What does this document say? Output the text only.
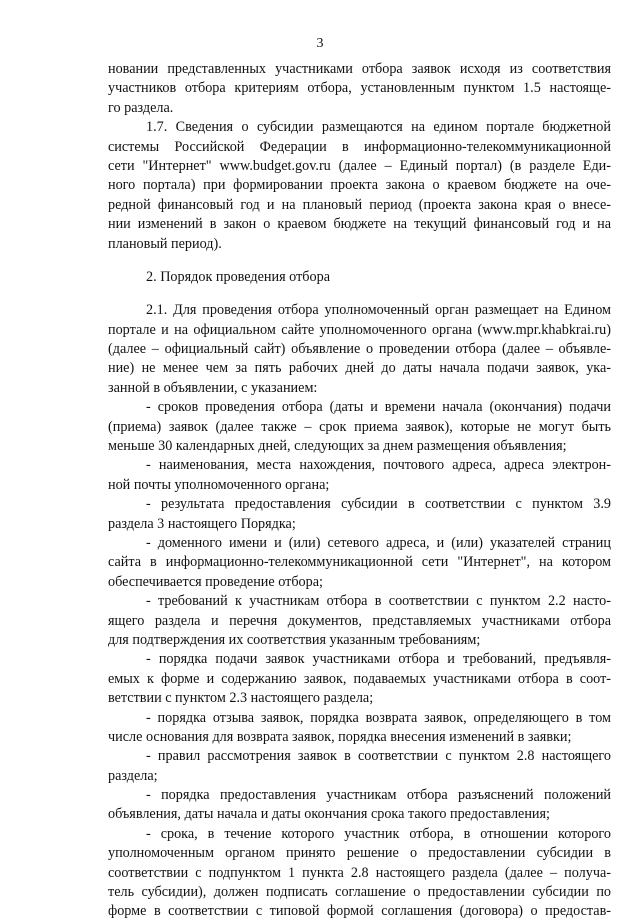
3
новании представленных участниками отбора заявок исходя из соответствия
участников отбора критериям отбора, установленным пунктом 1.5 настояще-
го раздела.
1.7. Сведения о субсидии размещаются на едином портале бюджетной
системы Российской Федерации в информационно-телекоммуникационной
сети "Интернет" www.budget.gov.ru (далее – Единый портал) (в разделе Еди-
ного портала) при формировании проекта закона о краевом бюджете на оче-
редной финансовый год и на плановый период (проекта закона края о внесе-
нии изменений в закон о краевом бюджете на текущий финансовый год и на
плановый период).
2. Порядок проведения отбора
2.1. Для проведения отбора уполномоченный орган размещает на Едином
портале и на официальном сайте уполномоченного органа (www.mpr.khabkrai.ru)
(далее – официальный сайт) объявление о проведении отбора (далее – объявле-
ние) не менее чем за пять рабочих дней до даты начала подачи заявок, ука-
занной в объявлении, с указанием:
- сроков проведения отбора (даты и времени начала (окончания) подачи
(приема) заявок (далее также – срок приема заявок), которые не могут быть
меньше 30 календарных дней, следующих за днем размещения объявления;
- наименования, места нахождения, почтового адреса, адреса электрон-
ной почты уполномоченного органа;
- результата предоставления субсидии в соответствии с пунктом 3.9
раздела 3 настоящего Порядка;
- доменного имени и (или) сетевого адреса, и (или) указателей страниц
сайта в информационно-телекоммуникационной сети "Интернет", на котором
обеспечивается проведение отбора;
- требований к участникам отбора в соответствии с пунктом 2.2 насто-
ящего раздела и перечня документов, представляемых участниками отбора
для подтверждения их соответствия указанным требованиям;
- порядка подачи заявок участниками отбора и требований, предъявля-
емых к форме и содержанию заявок, подаваемых участниками отбора в соот-
ветствии с пунктом 2.3 настоящего раздела;
- порядка отзыва заявок, порядка возврата заявок, определяющего в том
числе основания для возврата заявок, порядка внесения изменений в заявки;
- правил рассмотрения заявок в соответствии с пунктом 2.8 настоящего
раздела;
- порядка предоставления участникам отбора разъяснений положений
объявления, даты начала и даты окончания срока такого предоставления;
- срока, в течение которого участник отбора, в отношении которого
уполномоченным органом принято решение о предоставлении субсидии в
соответствии с подпунктом 1 пункта 2.8 настоящего раздела (далее – получа-
тель субсидии), должен подписать соглашение о предоставлении субсидии по
форме в соответствии с типовой формой соглашения (договора) о предостав-
